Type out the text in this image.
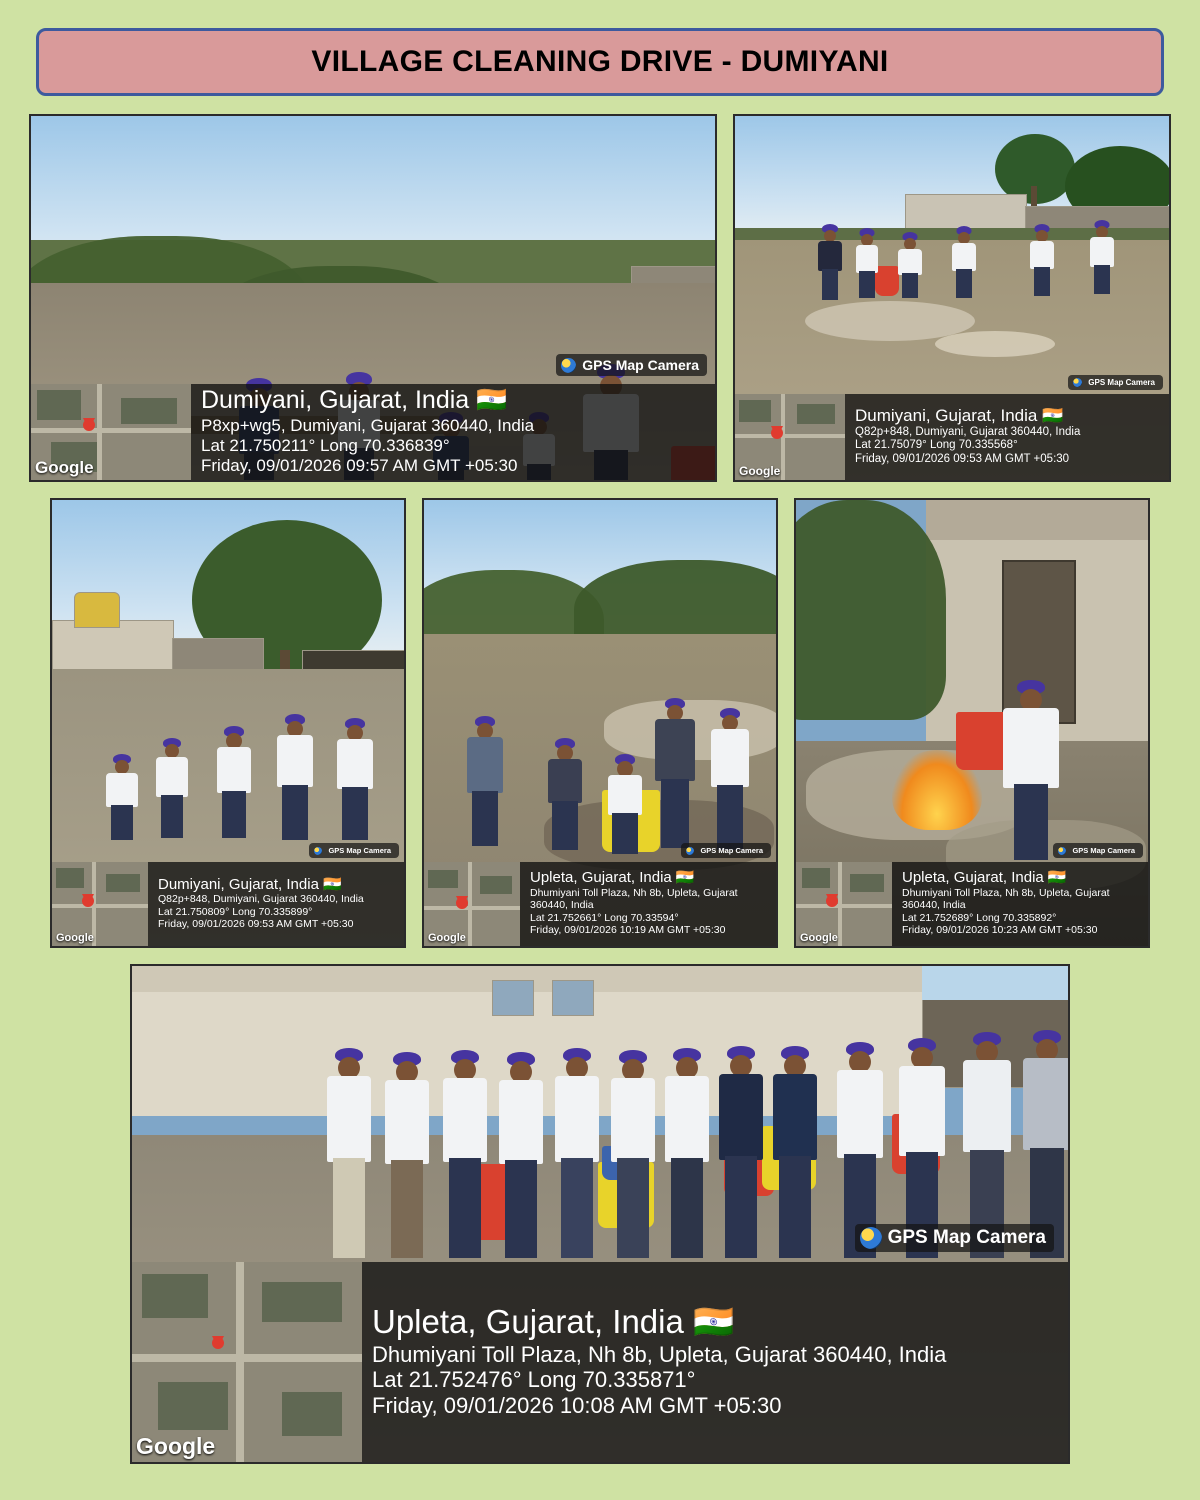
VILLAGE CLEANING DRIVE - DUMIYANI
GPS Map Camera
Google
Dumiyani, Gujarat, India 🇮🇳
P8xp+wg5, Dumiyani, Gujarat 360440, India
Lat 21.750211° Long 70.336839°
Friday, 09/01/2026 09:57 AM GMT +05:30
GPS Map Camera
Google
Dumiyani, Gujarat, India 🇮🇳
Q82p+848, Dumiyani, Gujarat 360440, India
Lat 21.75079° Long 70.335568°
Friday, 09/01/2026 09:53 AM GMT +05:30
GPS Map Camera
Google
Dumiyani, Gujarat, India 🇮🇳
Q82p+848, Dumiyani, Gujarat 360440, India
Lat 21.750809° Long 70.335899°
Friday, 09/01/2026 09:53 AM GMT +05:30
GPS Map Camera
Google
Upleta, Gujarat, India 🇮🇳
Dhumiyani Toll Plaza, Nh 8b, Upleta, Gujarat 360440, India
Lat 21.752661° Long 70.33594°
Friday, 09/01/2026 10:19 AM GMT +05:30
GPS Map Camera
Google
Upleta, Gujarat, India 🇮🇳
Dhumiyani Toll Plaza, Nh 8b, Upleta, Gujarat 360440, India
Lat 21.752689° Long 70.335892°
Friday, 09/01/2026 10:23 AM GMT +05:30
GPS Map Camera
Google
Upleta, Gujarat, India 🇮🇳
Dhumiyani Toll Plaza, Nh 8b, Upleta, Gujarat 360440, India
Lat 21.752476° Long 70.335871°
Friday, 09/01/2026 10:08 AM GMT +05:30
